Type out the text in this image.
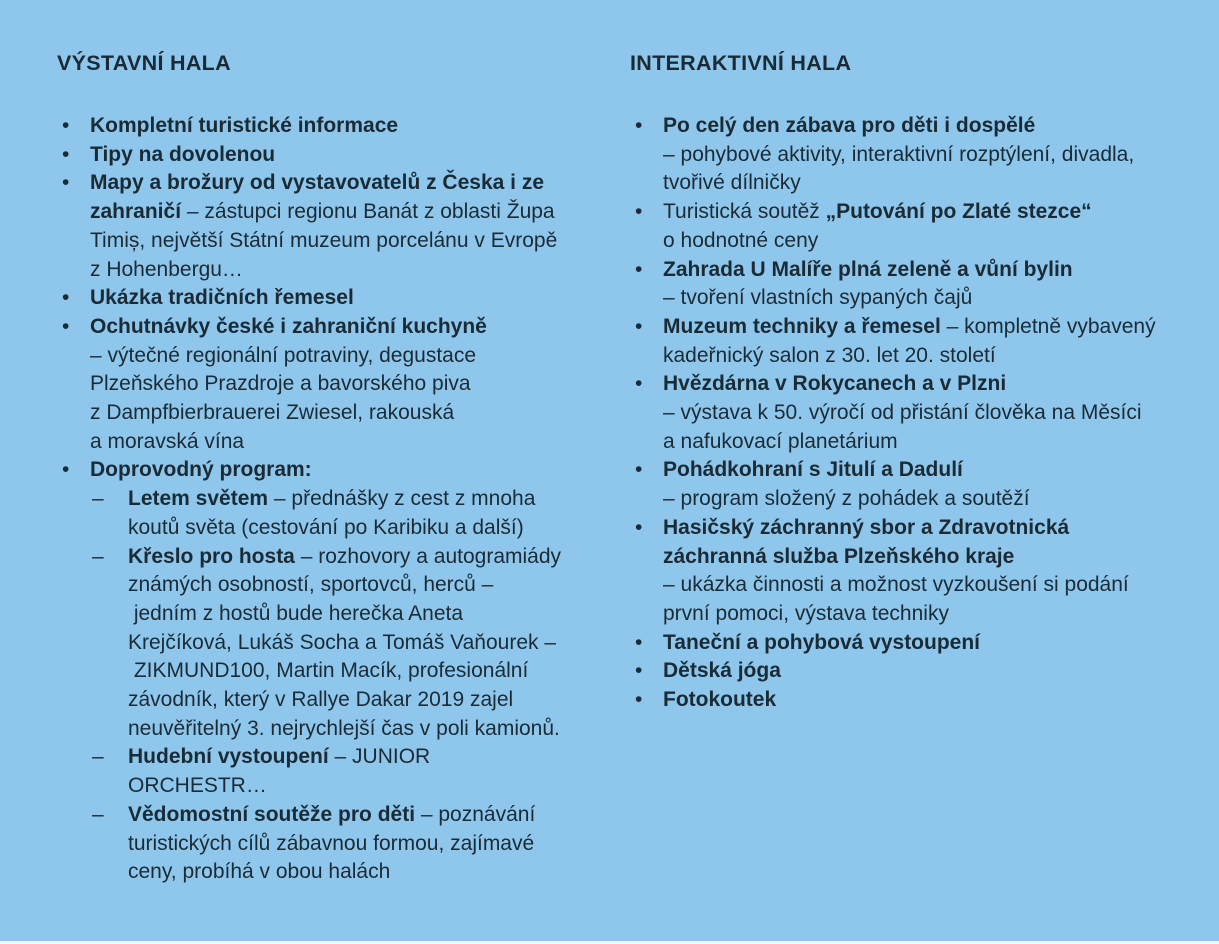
VÝSTAVNÍ HALA
• Kompletní turistické informace
• Tipy na dovolenou
• Mapy a brožury od vystavovatelů z Česka i ze zahraničí – zástupci regionu Banát z oblasti Župa Timiș, největší Státní muzeum porcelánu v Evropě z Hohenbergu…
• Ukázka tradičních řemesel
• Ochutnávky české i zahraniční kuchyně
– výtečné regionální potraviny, degustace Plzeňského Prazdroje a bavorského piva z Dampfbierbrauerei Zwiesel, rakouská a moravská vína
• Doprovodný program:
–	Letem světem – přednášky z cest z mnoha koutů světa (cestování po Karibiku a další)
–	Křeslo pro hosta – rozhovory a autogramiády známých osobností, sportovců, herců – jedním z hostů bude herečka Aneta Krejčíková, Lukáš Socha a Tomáš Vaňourek – ZIKMUND100, Martin Macík, profesionální závodník, který v Rallye Dakar 2019 zajel neuvěřitelný 3. nejrychlejší čas v poli kamionů.
–	Hudební vystoupení – JUNIOR ORCHESTR…
–	Vědomostní soutěže pro děti – poznávání turistických cílů zábavnou formou, zajímavé ceny, probíhá v obou halách
INTERAKTIVNÍ HALA
• Po celý den zábava pro děti i dospělé
– pohybové aktivity, interaktivní rozptýlení, divadla, tvořivé dílničky
• Turistická soutěž „Putování po Zlaté stezce“
o hodnotné ceny
• Zahrada U Malíře plná zeleně a vůní bylin
– tvoření vlastních sypaných čajů
• Muzeum techniky a řemesel – kompletně vybavený kadeřnický salon z 30. let 20. století
• Hvězdárna v Rokycanech a v Plzni
– výstava k 50. výročí od přistání člověka na Měsíci a nafukovací planetárium
• Pohádkohraní s Jitulí a Dadulí
– program složený z pohádek a soutěží
• Hasičský záchranný sbor a Zdravotnická záchranná služba Plzeňského kraje
– ukázka činnosti a možnost vyzkoušení si podání první pomoci, výstava techniky
• Taneční a pohybová vystoupení
• Dětská jóga
• Fotokoutek
